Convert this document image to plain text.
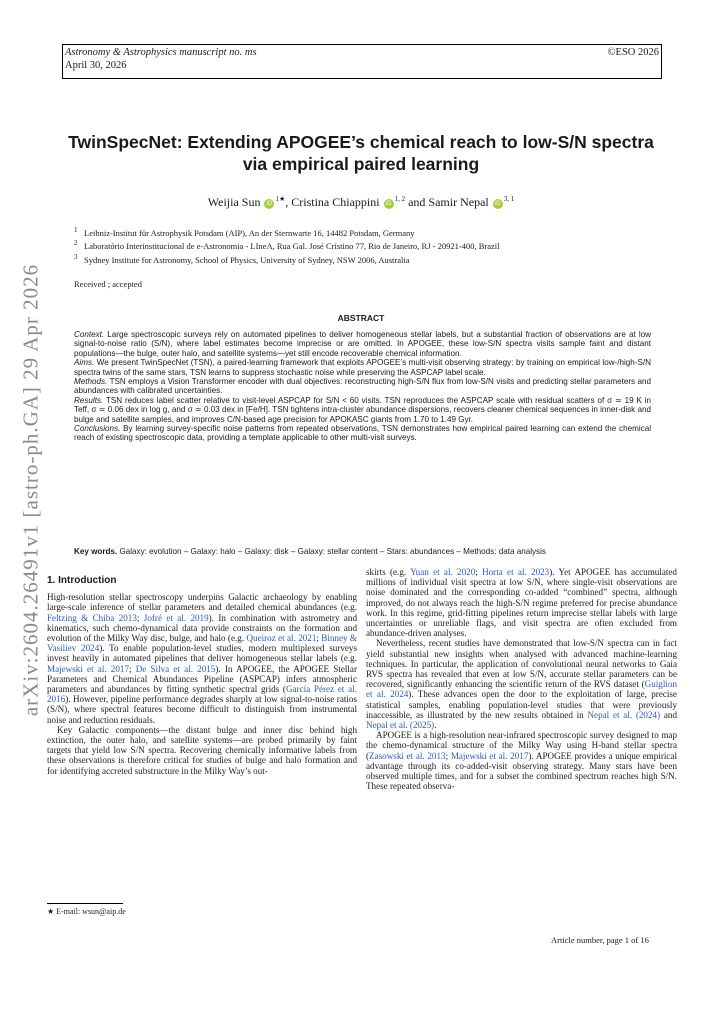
Astronomy & Astrophysics manuscript no. ms
April 30, 2026
©ESO 2026
arXiv:2604.26491v1 [astro-ph.GA] 29 Apr 2026
TwinSpecNet: Extending APOGEE’s chemical reach to low-S/N spectra via empirical paired learning
Weijia Sun $iD^{1★}$, Cristina Chiappini iD$^{1, 2}$ and Samir Nepal iD$^{3, 1}$
$^1$ Leibniz-Institut für Astrophysik Potsdam (AIP), An der Sternwarte 16, 14482 Potsdam, Germany
$^2$ Laboratório Interinstitucional de e-Astronomia - LIneA, Rua Gal. José Cristino 77, Rio de Janeiro, RJ - 20921-400, Brazil
$^3$ Sydney Institute for Astronomy, School of Physics, University of Sydney, NSW 2006, Australia
Received ; accepted
ABSTRACT

Context. Large spectroscopic surveys rely on automated pipelines to deliver homogeneous stellar labels, but a substantial fraction of observations are at low signal-to-noise ratio (S/N), where label estimates become imprecise or are omitted. In APOGEE, these low-S/N spectra visits sample faint and distant populations—the bulge, outer halo, and satellite systems—yet still encode recoverable chemical information.

Aims. We present TwinSpecNet (TSN), a paired-learning framework that exploits APOGEE’s multi-visit observing strategy: by training on empirical low-/high-S/N spectra twins of the same stars, TSN learns to suppress stochastic noise while preserving the ASPCAP label scale.

Methods. TSN employs a Vision Transformer encoder with dual objectives: reconstructing high-S/N flux from low-S/N visits and predicting stellar parameters and abundances with calibrated uncertainties.

Results. TSN reduces label scatter relative to visit-level ASPCAP for S/N < 60 visits. TSN reproduces the ASPCAP scale with residual scatters of σ ≃ 19 K in Teff, σ ≃ 0.06 dex in log g, and σ ≃ 0.03 dex in [Fe/H]. TSN tightens intra-cluster abundance dispersions, recovers cleaner chemical sequences in inner-disk and bulge and satellite samples, and improves C/N-based age precision for APOKASC giants from 1.70 to 1.49 Gyr.

Conclusions. By learning survey-specific noise patterns from repeated observations, TSN demonstrates how empirical paired learning can extend the chemical reach of existing spectroscopic data, providing a template applicable to other multi-visit surveys.

Key words. Galaxy: evolution – Galaxy: halo – Galaxy: disk – Galaxy: stellar content – Stars: abundances – Methods: data analysis
1. Introduction

High-resolution stellar spectroscopy underpins Galactic archaeology by enabling large-scale inference of stellar parameters and detailed chemical abundances (e.g. Feltzing & Chiba 2013; Jofré et al. 2019). In combination with astrometry and kinematics, such chemo-dynamical data provide constraints on the formation and evolution of the Milky Way disc, bulge, and halo (e.g. Queiroz et al. 2021; Binney & Vasiliev 2024). To enable population-level studies, modern multiplexed surveys invest heavily in automated pipelines that deliver homogeneous stellar labels (e.g. Majewski et al. 2017; De Silva et al. 2015). In APOGEE, the APOGEE Stellar Parameters and Chemical Abundances Pipeline (ASPCAP) infers atmospheric parameters and abundances by fitting synthetic spectral grids (García Pérez et al. 2016). However, pipeline performance degrades sharply at low signal-to-noise ratios (S/N), where spectral features become difficult to distinguish from instrumental noise and reduction residuals.

Key Galactic components—the distant bulge and inner disc behind high extinction, the outer halo, and satellite systems—are probed primarily by faint targets that yield low S/N spectra. Recovering chemically informative labels from these observations is therefore critical for studies of bulge and halo formation and for identifying accreted substructure in the Milky Way’s out-

skirts (e.g. Yuan et al. 2020; Horta et al. 2023). Yet APOGEE has accumulated millions of individual visit spectra at low S/N, where single-visit observations are noise dominated and the corresponding co-added “combined” spectra, although improved, do not always reach the high-S/N regime preferred for precise abundance work. In this regime, grid-fitting pipelines return imprecise stellar labels with large uncertainties or unreliable flags, and visit spectra are often excluded from abundance-driven analyses.

Nevertheless, recent studies have demonstrated that low-S/N spectra can in fact yield substantial new insights when analysed with advanced machine-learning techniques. In particular, the application of convolutional neural networks to Gaia RVS spectra has revealed that even at low S/N, accurate stellar parameters can be recovered, significantly enhancing the scientific return of the RVS dataset (Guiglion et al. 2024). These advances open the door to the exploitation of large, precise statistical samples, enabling population-level studies that were previously inaccessible, as illustrated by the new results obtained in Nepal et al. (2024) and Nepal et al. (2025).

APOGEE is a high-resolution near-infrared spectroscopic survey designed to map the chemo-dynamical structure of the Milky Way using H-band stellar spectra (Zasowski et al. 2013; Majewski et al. 2017). APOGEE provides a unique empirical advantage through its co-added-visit observing strategy. Many stars have been observed multiple times, and for a subset the combined spectrum reaches high S/N. These repeated observa-

★ E-mail: wsun@aip.de
Article number, page 1 of 16
